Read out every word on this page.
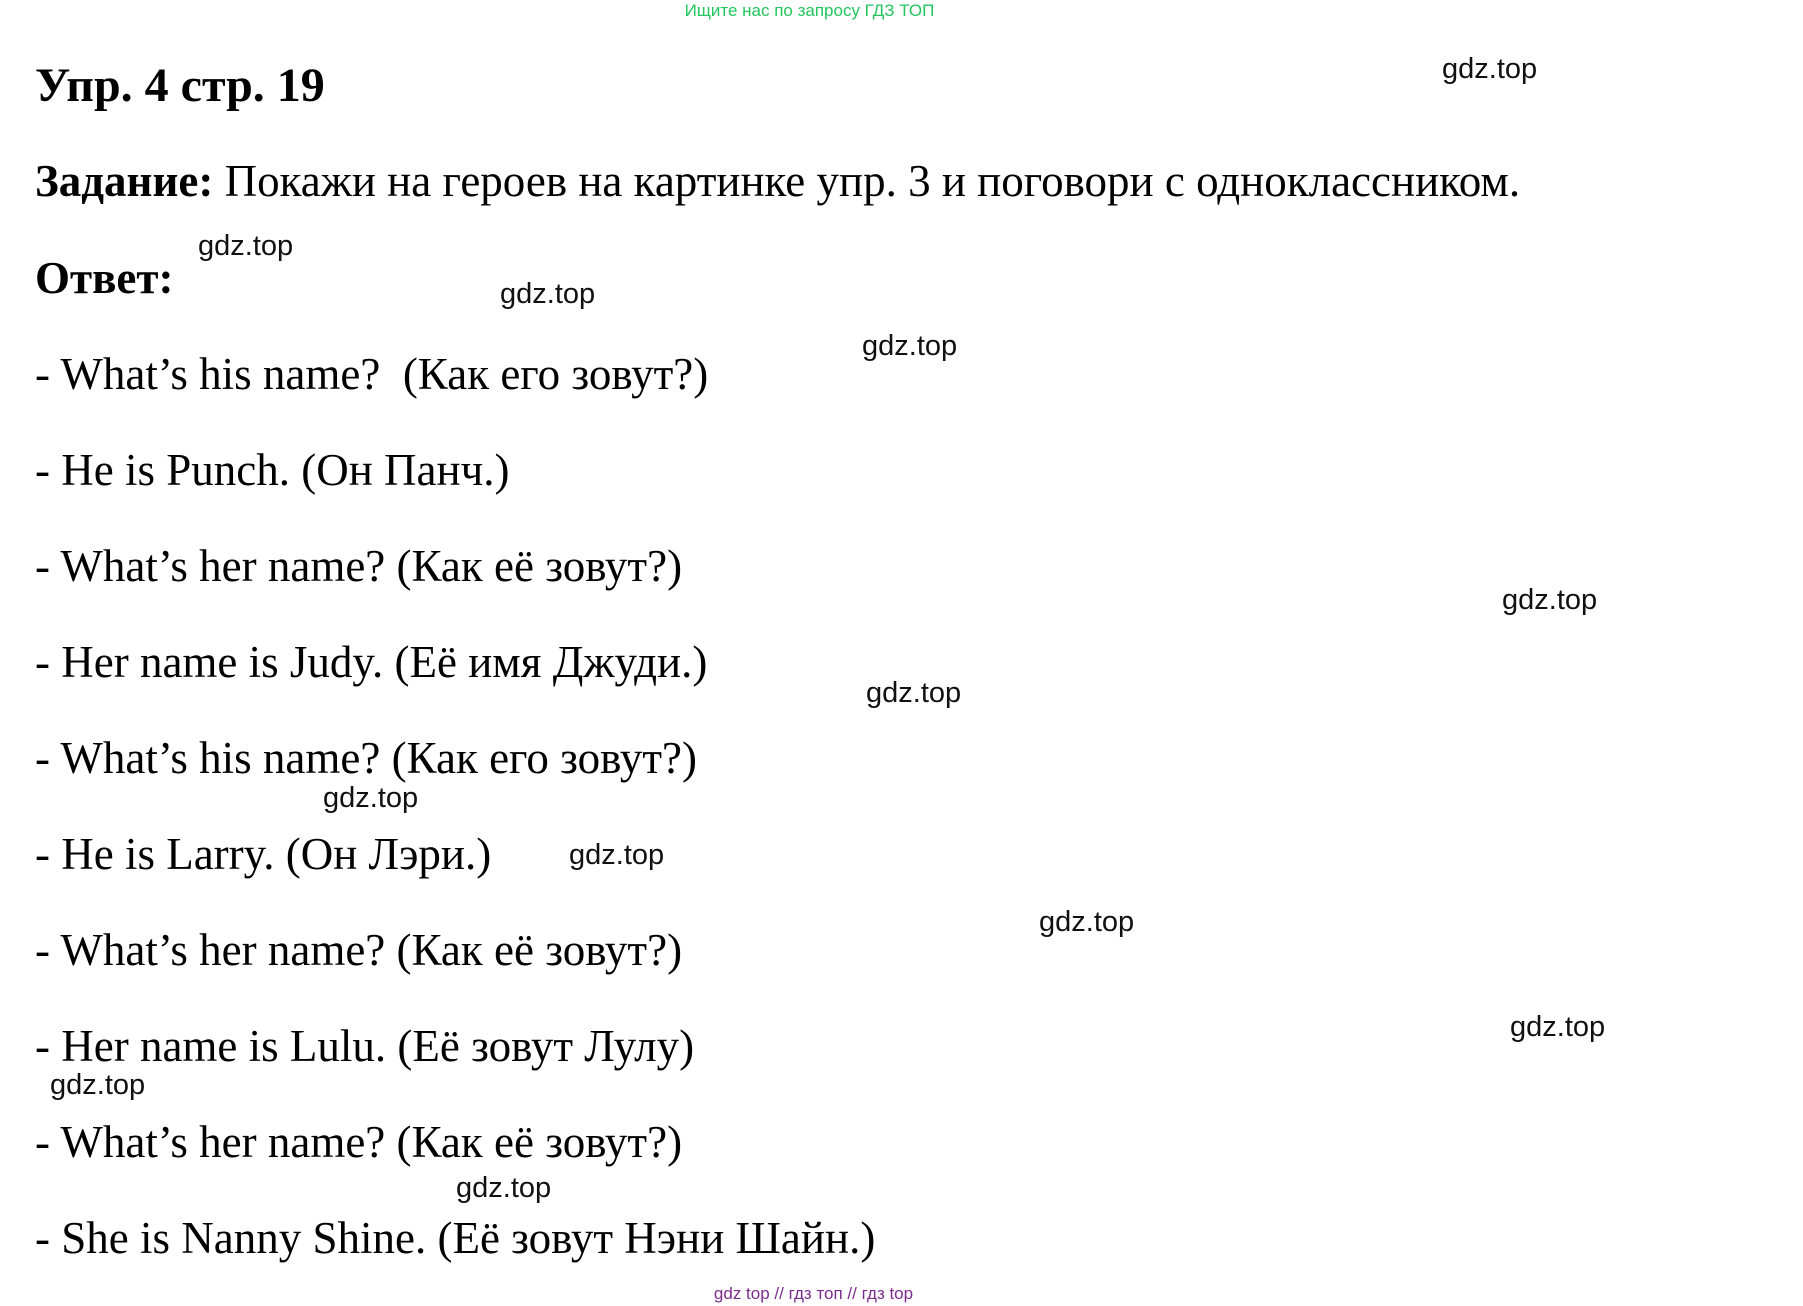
Ищите нас по запросу ГДЗ ТОП
Упр. 4 стр. 19
Задание: Покажи на героев на картинке упр. 3 и поговори с одноклассником.
Ответ:
- What’s his name?  (Как его зовут?)
- He is Punch. (Он Панч.)
- What’s her name? (Как её зовут?)
- Her name is Judy. (Её имя Джуди.)
- What’s his name? (Как его зовут?)
- He is Larry. (Он Лэри.)
- What’s her name? (Как её зовут?)
- Her name is Lulu. (Её зовут Лулу)
- What’s her name? (Как её зовут?)
- She is Nanny Shine. (Её зовут Нэни Шайн.)
gdz.top
gdz.top
gdz.top
gdz.top
gdz.top
gdz.top
gdz.top
gdz.top
gdz.top
gdz.top
gdz.top
gdz.top
gdz top // гдз топ // гдз top
